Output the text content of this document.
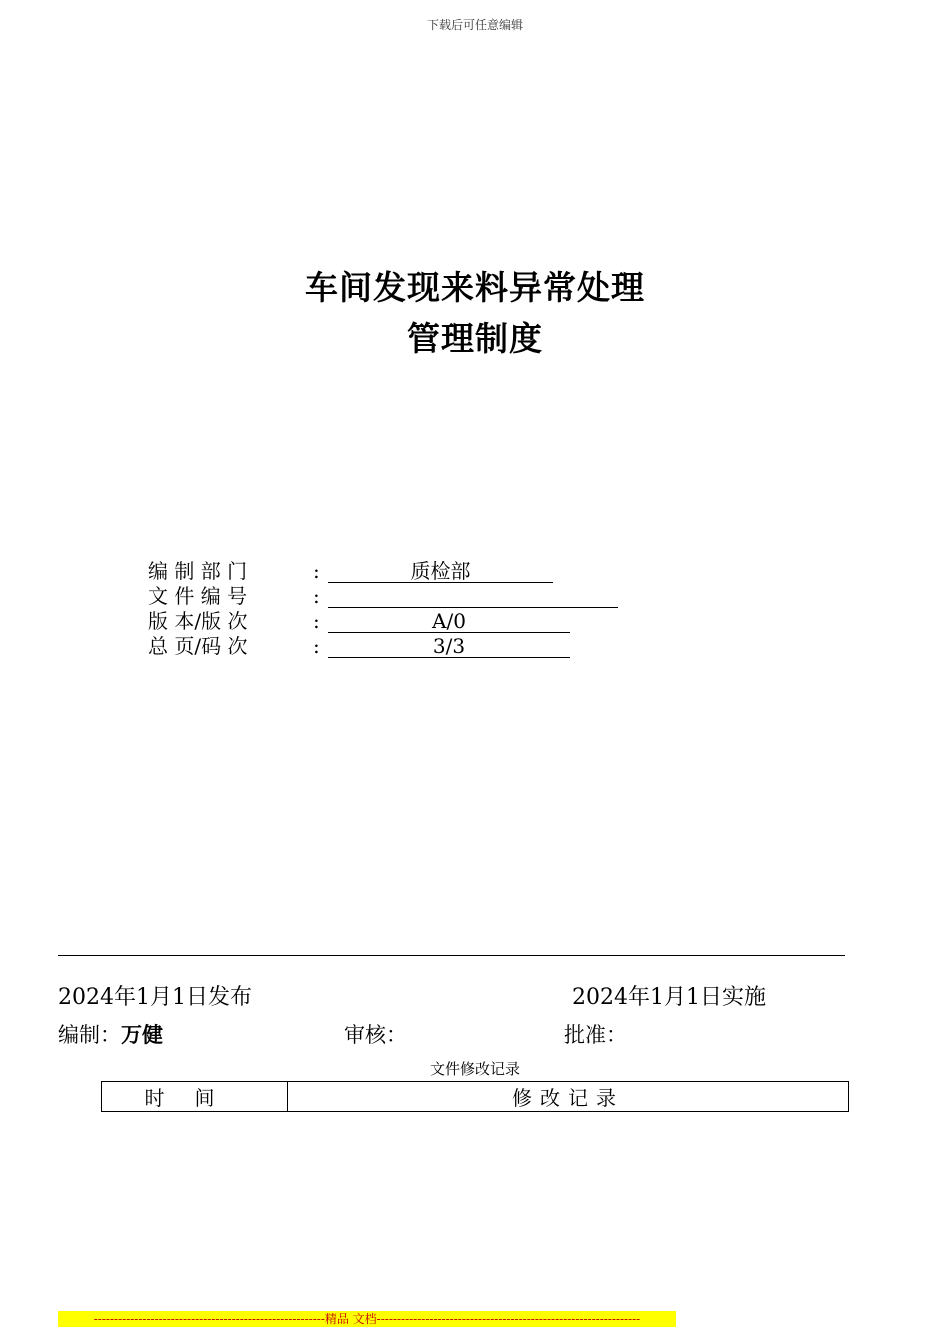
下载后可任意编辑
车间发现来料异常处理
管理制度
编 制 部 门	:	质检部
文 件 编 号	:
版 本/版 次	:	A/0
总 页/码 次	:	3/3
2024年1月1日发布	2024年1月1日实施
编制：万健	审核：	批准：
文件修改记录
时间	修改记录
---------------------------------------------------------精品 文档-----------------------------------------------------------------
